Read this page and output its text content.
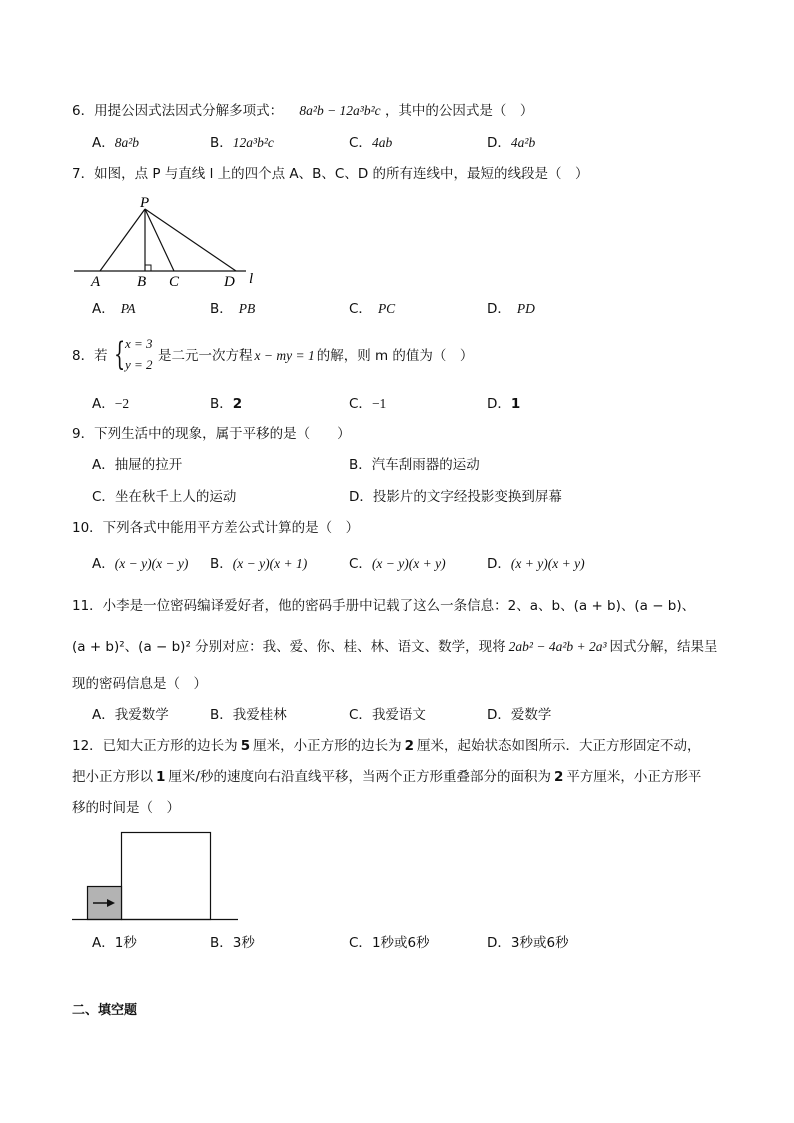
6．用提公因式法因式分解多项式： 8a²b − 12a³b²c ，其中的公因式是（　）
A．8a²b	B．12a³b²c	C．4ab	D．4a²b
7．如图，点 P 与直线 l 上的四个点 A、B、C、D 的所有连线中，最短的线段是（　）
P
A B C	D l
A． PA	B． PB	C． PC	D． PD
8．若 { x = 3
y = 2
是二元一次方程 x − my = 1 的解，则 m 的值为（　）
A．−2	B．2	C．−1	D．1
9．下列生活中的现象，属于平移的是（　　）
A．抽屉的拉开	B．汽车刮雨器的运动
C．坐在秋千上人的运动	D．投影片的文字经投影变换到屏幕
10．下列各式中能用平方差公式计算的是（　）
A．(x − y)(x − y) B．(x − y)(x + 1)	C．(x − y)(x + y)	D．(x + y)(x + y)
11．小李是一位密码编译爱好者，他的密码手册中记载了这么一条信息：2、a、b、(a + b)、(a − b)、
(a + b)²、(a − b)² 分别对应：我、爱、你、桂、林、语文、数学，现将 2ab² − 4a²b + 2a³ 因式分解，结果呈
现的密码信息是（　）
A．我爱数学	B．我爱桂林	C．我爱语文	D．爱数学
12．已知大正方形的边长为 5 厘米，小正方形的边长为 2 厘米，起始状态如图所示．大正方形固定不动，
把小正方形以 1 厘米/秒的速度向右沿直线平移，当两个正方形重叠部分的面积为 2 平方厘米，小正方形平
移的时间是（　）
A．1秒	B．3秒	C．1秒或6秒	D．3秒或6秒
二、填空题
